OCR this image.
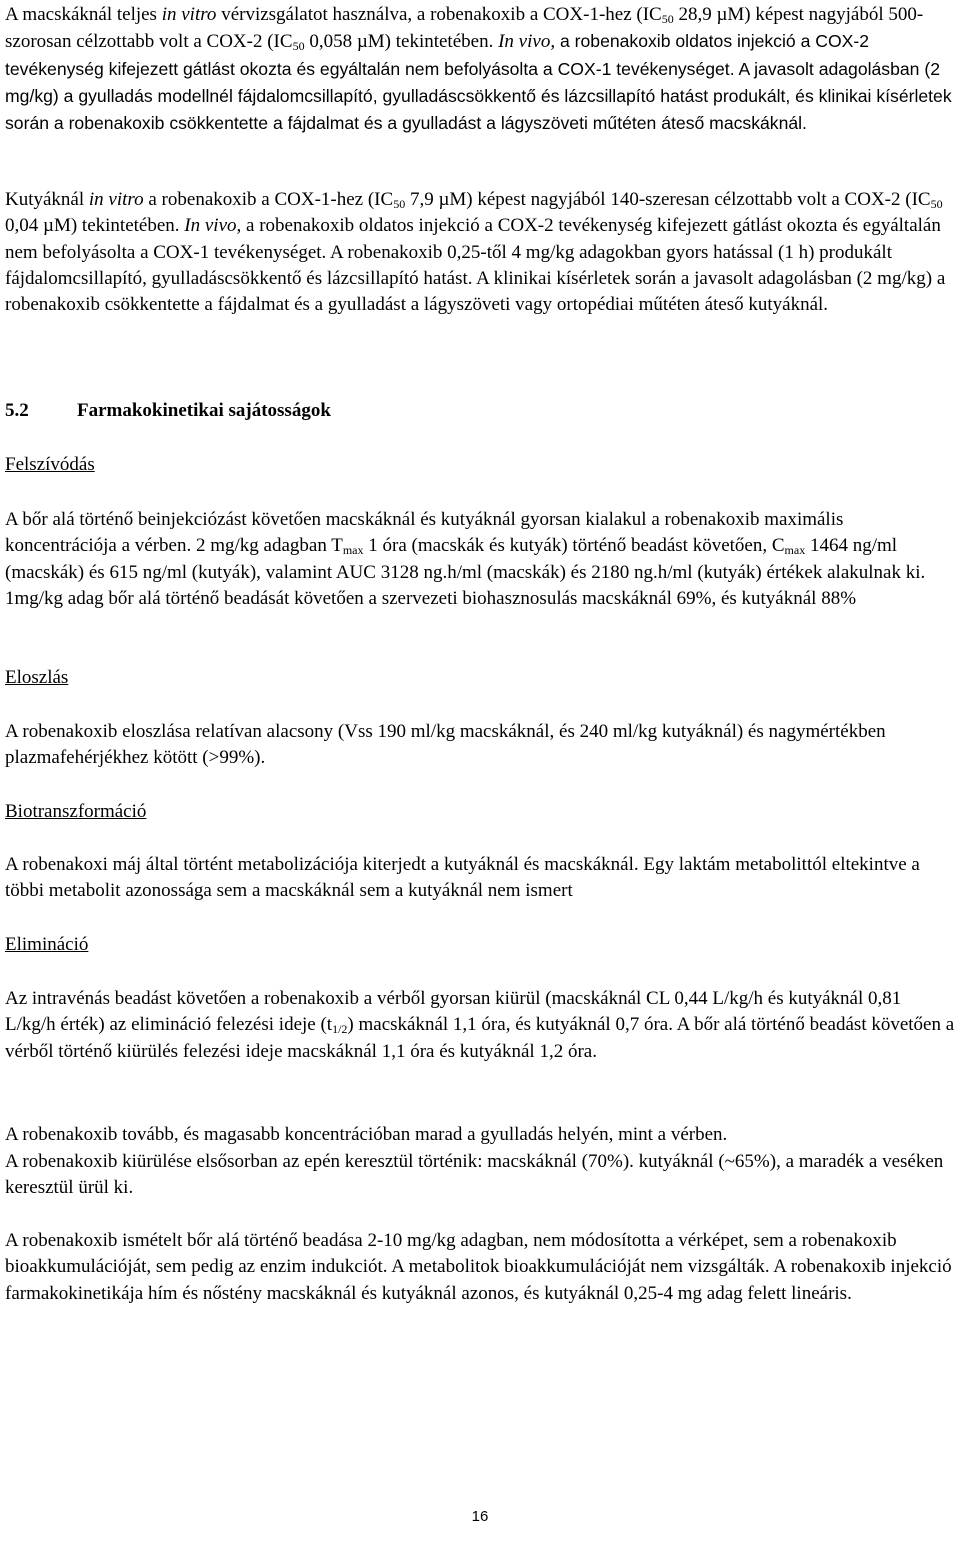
A macskáknál teljes in vitro vérvizsgálatot használva, a robenakoxib a COX-1-hez ($IC_{50}$ 28,9 µM) képest nagyjából 500-szorosan célzottabb volt a COX-2 ($IC_{50}$ 0,058 µM) tekintetében. In vivo, a robenakoxib oldatos injekció a COX-2 tevékenység kifejezett gátlást okozta és egyáltalán nem befolyásolta a COX-1 tevékenységet. A javasolt adagolásban (2 mg/kg) a gyulladás modellnél fájdalomcsillapító, gyulladáscsökkentő és lázcsillapító hatást produkált, és klinikai kísérletek során a robenakoxib csökkentette a fájdalmat és a gyulladást a lágyszöveti műtéten áteső macskáknál.

Kutyáknál in vitro a robenakoxib a COX-1-hez ($IC_{50}$ 7,9 µM) képest nagyjából 140-szeresan célzottabb volt a COX-2 ($IC_{50}$ 0,04 µM) tekintetében. In vivo, a robenakoxib oldatos injekció a COX-2 tevékenység kifejezett gátlást okozta és egyáltalán nem befolyásolta a COX-1 tevékenységet. A robenakoxib 0,25-től 4 mg/kg adagokban gyors hatással (1 h) produkált fájdalomcsillapító, gyulladáscsökkentő és lázcsillapító hatást. A klinikai kísérletek során a javasolt adagolásban (2 mg/kg) a robenakoxib csökkentette a fájdalmat és a gyulladást a lágyszöveti vagy ortopédiai műtéten áteső kutyáknál.

5.2	Farmakokinetikai sajátosságok

Felszívódás

A bőr alá történő beinjekciózást követően macskáknál és kutyáknál gyorsan kialakul a robenakoxib maximális koncentrációja a vérben. 2 mg/kg adagban $T_{max}$ 1 óra (macskák és kutyák) történő beadást követően, $C_{max}$ 1464 ng/ml (macskák) és 615 ng/ml (kutyák), valamint AUC 3128 ng.h/ml (macskák) és 2180 ng.h/ml (kutyák) értékek alakulnak ki. 1mg/kg adag bőr alá történő beadását követően a szervezeti biohasznosulás macskáknál 69%, és kutyáknál 88%

Eloszlás

A robenakoxib eloszlása relatívan alacsony (Vss 190 ml/kg macskáknál, és 240 ml/kg kutyáknál) és nagymértékben plazmafehérjékhez kötött (>99%).

Biotranszformáció

A robenakoxi máj által történt metabolizációja kiterjedt a kutyáknál és macskáknál. Egy laktám metabolittól eltekintve a többi metabolit azonossága sem a macskáknál sem a kutyáknál nem ismert

Elimináció

Az intravénás beadást követően a robenakoxib a vérből gyorsan kiürül (macskáknál CL 0,44 L/kg/h és kutyáknál 0,81 L/kg/h érték) az elimináció felezési ideje $(t_{1/2})$ macskáknál 1,1 óra, és kutyáknál 0,7 óra. A bőr alá történő beadást követően a vérből történő kiürülés felezési ideje macskáknál 1,1 óra és kutyáknál 1,2 óra.

A robenakoxib tovább, és magasabb koncentrációban marad a gyulladás helyén, mint a vérben.

A robenakoxib kiürülése elsősorban az epén keresztül történik: macskáknál (70%). kutyáknál (~65%), a maradék a veséken keresztül ürül ki.

A robenakoxib ismételt bőr alá történő beadása 2-10 mg/kg adagban, nem módosította a vérképet, sem a robenakoxib bioakkumulációját, sem pedig az enzim indukciót. A metabolitok bioakkumulációját nem vizsgálták. A robenakoxib injekció farmakokinetikája hím és nőstény macskáknál és kutyáknál azonos, és kutyáknál 0,25-4 mg adag felett lineáris.

16
